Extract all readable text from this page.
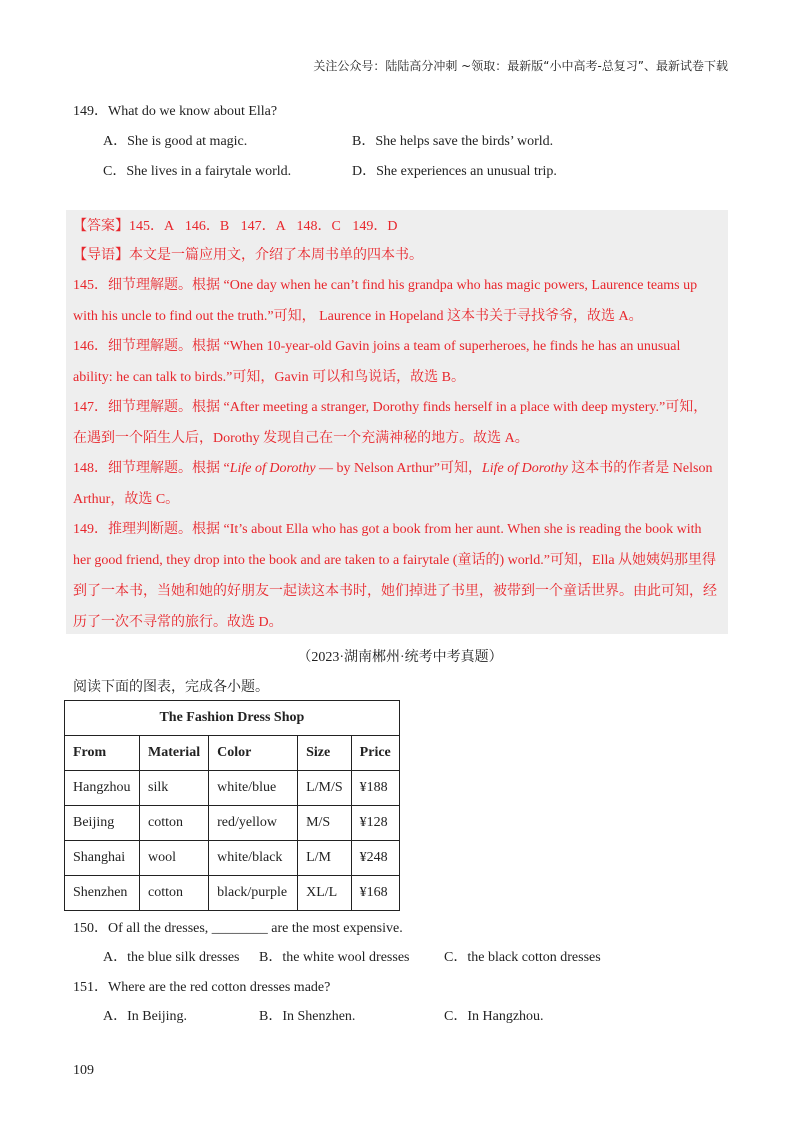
关注公众号：陆陆高分冲刺 ~领取：最新版“小中高考-总复习”、最新试卷下载
149．What do we know about Ella?
A．She is good at magic.	B．She helps save the birds’ world.
C．She lives in a fairytale world.	D．She experiences an unusual trip.
【答案】145．A 146．B 147．A 148．C 149．D
【导语】本文是一篇应用文，介绍了本周书单的四本书。
145．细节理解题。根据 “One day when he can’t find his grandpa who has magic powers, Laurence teams up
with his uncle to find out the truth.”可知， Laurence in Hopeland 这本书关于寻找爷爷，故选 A。
146．细节理解题。根据 “When 10-year-old Gavin joins a team of superheroes, he finds he has an unusual
ability: he can talk to birds.”可知，Gavin 可以和鸟说话，故选 B。
147．细节理解题。根据 “After meeting a stranger, Dorothy finds herself in a place with deep mystery.”可知，
在遇到一个陌生人后，Dorothy 发现自己在一个充满神秘的地方。故选 A。
148．细节理解题。根据 “Life of Dorothy — by Nelson Arthur”可知，Life of Dorothy 这本书的作者是 Nelson
Arthur，故选 C。
149．推理判断题。根据 “It’s about Ella who has got a book from her aunt. When she is reading the book with
her good friend, they drop into the book and are taken to a fairytale (童话的) world.”可知，Ella 从她姨妈那里得
到了一本书，当她和她的好朋友一起读这本书时，她们掉进了书里，被带到一个童话世界。由此可知，经
历了一次不寻常的旅行。故选 D。
（2023·湖南郴州·统考中考真题）
阅读下面的图表，完成各小题。
The Fashion Dress Shop				
From	Material	Color	Size	Price
Hangzhou	silk	white/blue	L/M/S	¥188
Beijing	cotton	red/yellow	M/S	¥128
Shanghai	wool	white/black	L/M	¥248
Shenzhen	cotton	black/purple	XL/L	¥168
150．Of all the dresses, ________ are the most expensive.
A．the blue silk dresses B．the white wool dresses C．the black cotton dresses
151．Where are the red cotton dresses made?
A．In Beijing.	B．In Shenzhen.	C．In Hangzhou.
109
